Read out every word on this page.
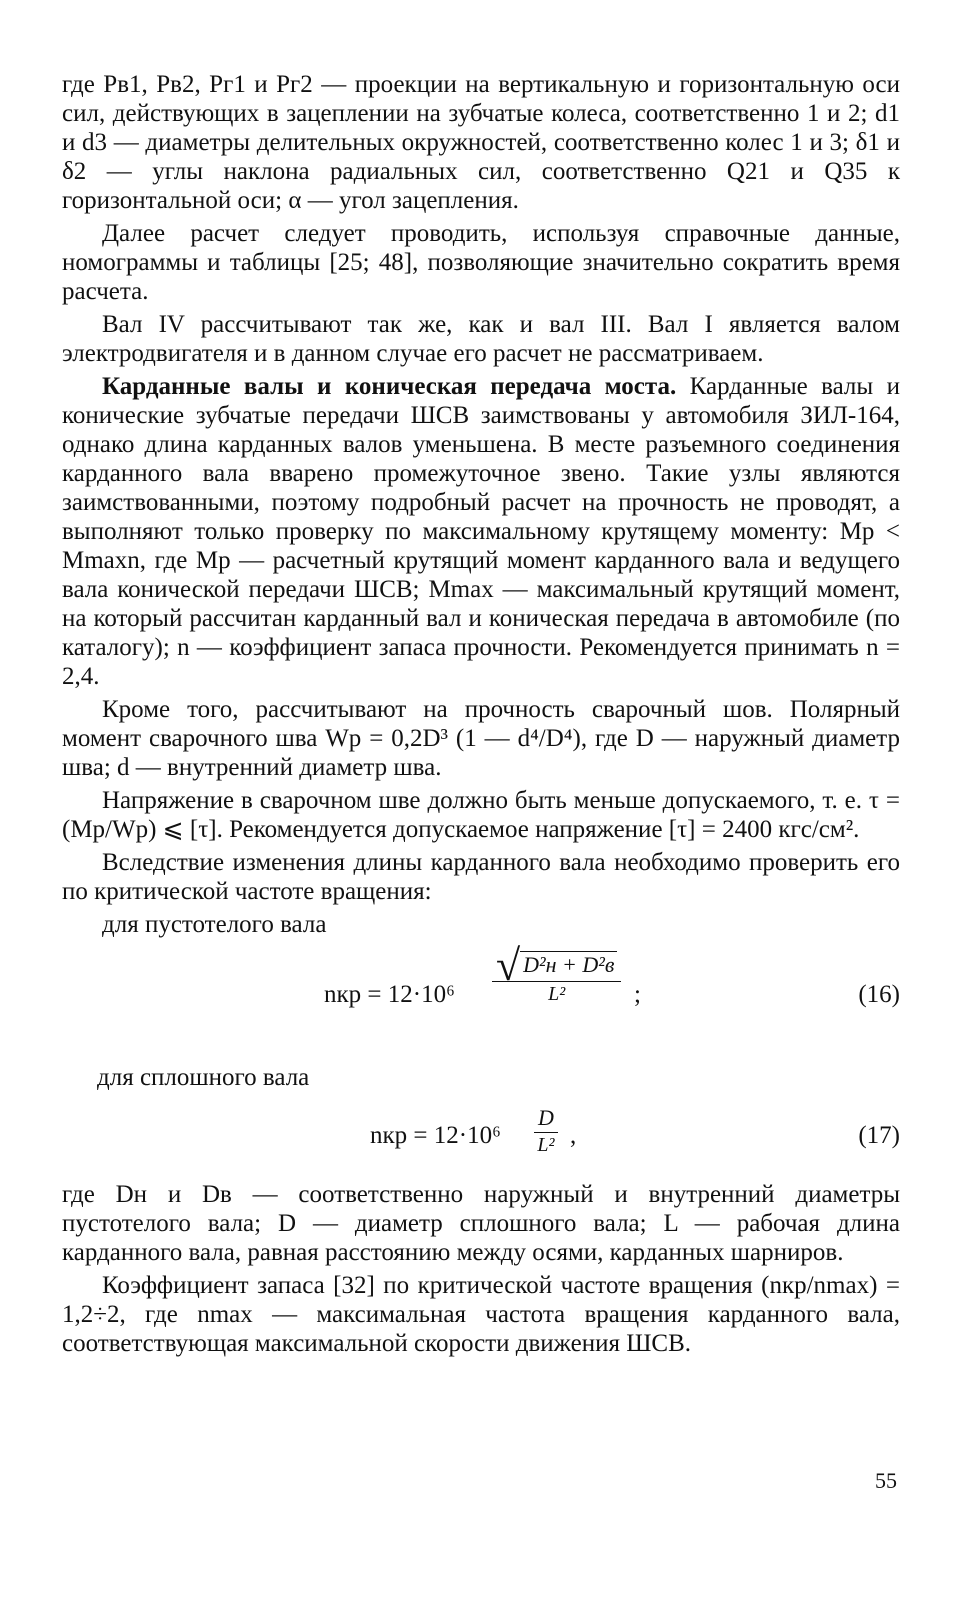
где Pв1, Pв2, Pг1 и Pг2 — проекции на вертикальную и горизонтальную оси сил, действующих в зацеплении на зубчатые колеса, соответственно 1 и 2; d1 и d3 — диаметры делительных окружностей, соответственно колес 1 и 3; δ1 и δ2 — углы наклона радиальных сил, соответственно Q21 и Q35 к горизонтальной оси; α — угол зацепления.

Далее расчет следует проводить, используя справочные данные, номограммы и таблицы [25; 48], позволяющие значительно сократить время расчета.

Вал IV рассчитывают так же, как и вал III. Вал I является валом электродвигателя и в данном случае его расчет не рассматриваем.

Карданные валы и коническая передача моста. Карданные валы и конические зубчатые передачи ШСВ заимствованы у автомобиля ЗИЛ-164, однако длина карданных валов уменьшена. В месте разъемного соединения карданного вала вварено промежуточное звено. Такие узлы являются заимствованными, поэтому подробный расчет на прочность не проводят, а выполняют только проверку по максимальному крутящему моменту: Mр < Mmaxn, где Mр — расчетный крутящий момент карданного вала и ведущего вала конической передачи ШСВ; Mmax — максимальный крутящий момент, на который рассчитан карданный вал и коническая передача в автомобиле (по каталогу); n — коэффициент запаса прочности. Рекомендуется принимать n = 2,4.

Кроме того, рассчитывают на прочность сварочный шов. Полярный момент сварочного шва Wp = 0,2D³ (1 — d⁴/D⁴), где D — наружный диаметр шва; d — внутренний диаметр шва.

Напряжение в сварочном шве должно быть меньше допускаемого, т. е. τ = (Mр/Wp) ⩽ [τ]. Рекомендуется допускаемое напряжение [τ] = 2400 кгс/см².

Вследствие изменения длины карданного вала необходимо проверить его по критической частоте вращения:

для пустотелого вала
nкр = 12·10⁶
√ D²н + D²в
L²	;	(16)
для сплошного вала
nкр = $12\cdot 10^6 \frac{D}{\text{L²}}$ ,	(17)

где Dн и Dв — соответственно наружный и внутренний диаметры пустотелого вала; D — диаметр сплошного вала; L — рабочая длина карданного вала, равная расстоянию между осями, карданных шарниров.

Коэффициент запаса [32] по критической частоте вращения (nкр/nmax) = 1,2÷2, где nmax — максимальная частота вращения карданного вала, соответствующая максимальной скорости движения ШСВ.

55
